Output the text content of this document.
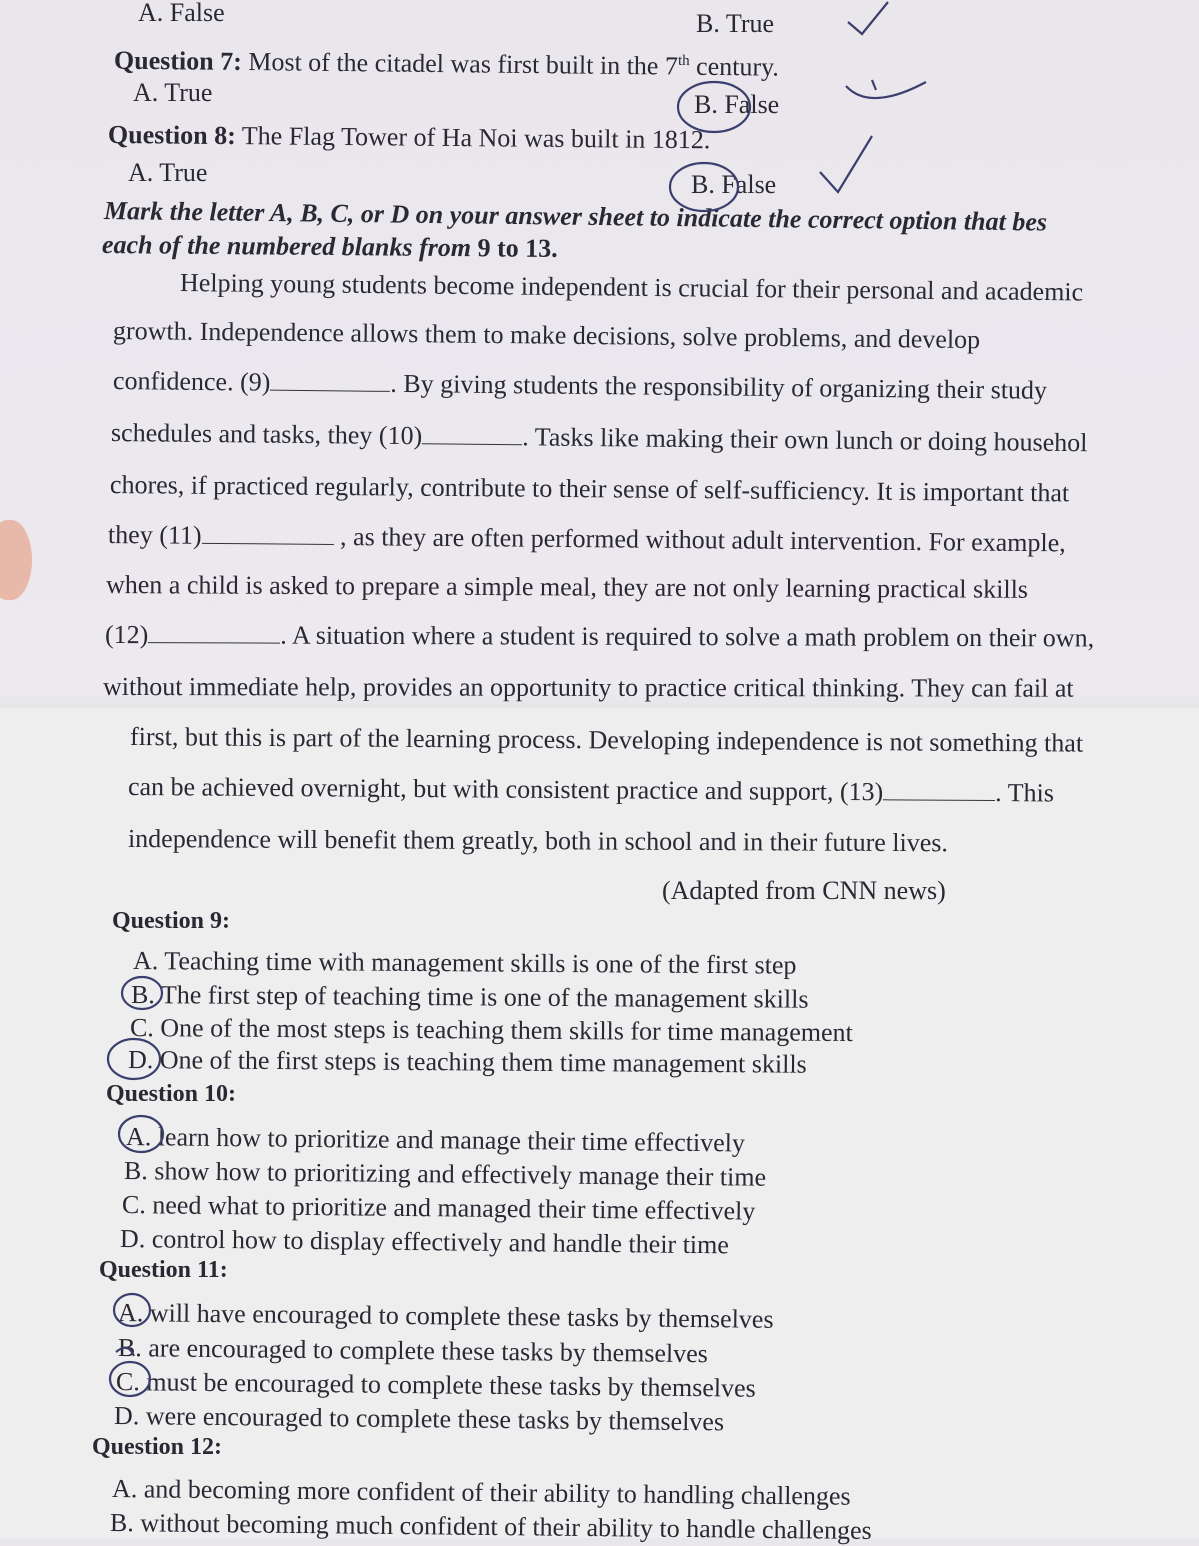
A. False	B. True
Question 7: Most of the citadel was first built in the 7th century.
A. True	B. False
Question 8: The Flag Tower of Ha Noi was built in 1812.
A. True	B. False
Mark the letter A, B, C, or D on your answer sheet to indicate the correct option that bes
each of the numbered blanks from 9 to 13.
Helping young students become independent is crucial for their personal and academic
growth. Independence allows them to make decisions, solve problems, and develop
confidence. (9)	. By giving students the responsibility of organizing their study
schedules and tasks, they (10)	. Tasks like making their own lunch or doing househol
chores, if practiced regularly, contribute to their sense of self-sufficiency. It is important that
they (11)	, as they are often performed without adult intervention. For example,
when a child is asked to prepare a simple meal, they are not only learning practical skills
(12)	. A situation where a student is required to solve a math problem on their own,
without immediate help, provides an opportunity to practice critical thinking. They can fail at
first, but this is part of the learning process. Developing independence is not something that
can be achieved overnight, but with consistent practice and support, (13)	. This
independence will benefit them greatly, both in school and in their future lives.
(Adapted from CNN news)
Question 9:
A. Teaching time with management skills is one of the first step
B. The first step of teaching time is one of the management skills
C. One of the most steps is teaching them skills for time management
D. One of the first steps is teaching them time management skills
Question 10:
A. learn how to prioritize and manage their time effectively
B. show how to prioritizing and effectively manage their time
C. need what to prioritize and managed their time effectively
D. control how to display effectively and handle their time
Question 11:
A. will have encouraged to complete these tasks by themselves
B. are encouraged to complete these tasks by themselves
C. must be encouraged to complete these tasks by themselves
D. were encouraged to complete these tasks by themselves
Question 12:
A. and becoming more confident of their ability to handling challenges
B. without becoming much confident of their ability to handle challenges
